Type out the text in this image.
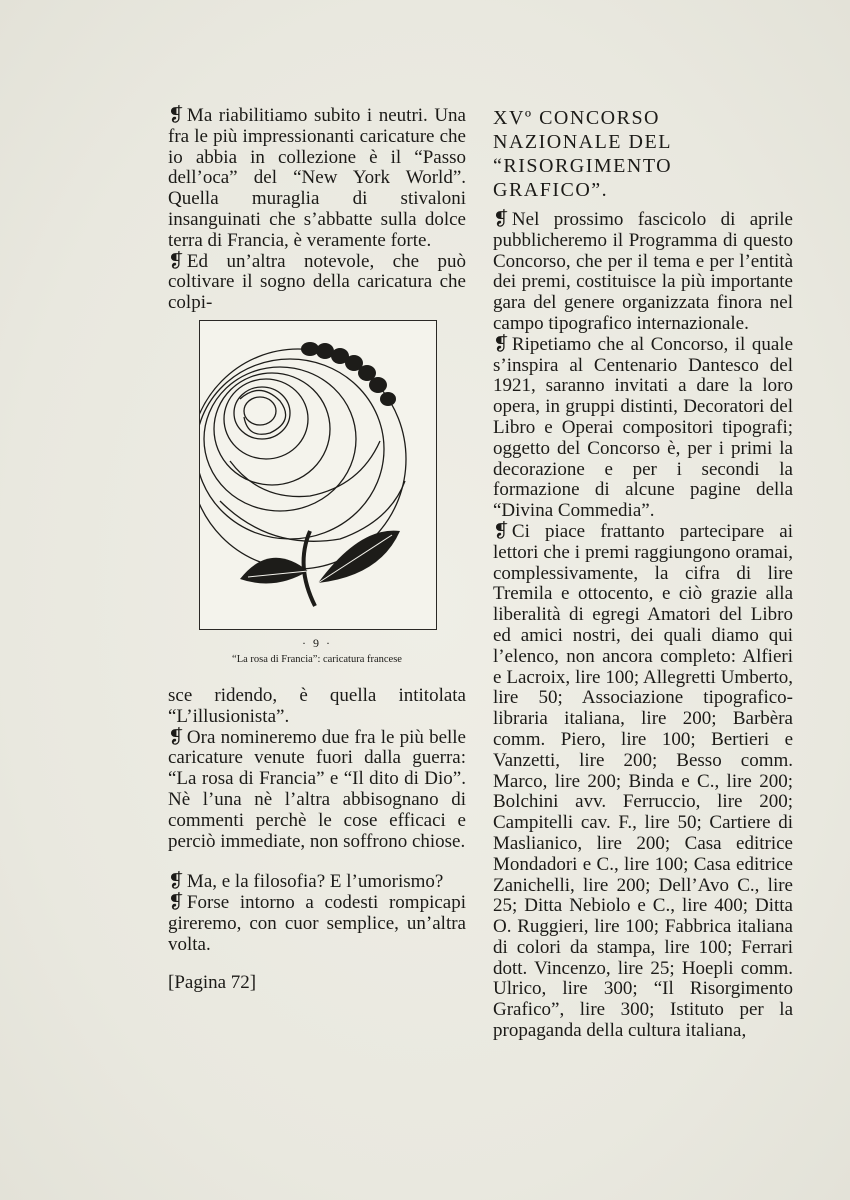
❡ Ma riabilitiamo subito i neutri. Una fra le più impressionanti caricature che io abbia in collezione è il “Passo dell’oca” del “New York World”. Quella muraglia di stivaloni insanguinati che s’abbatte sulla dolce terra di Francia, è veramente forte.

❡ Ed un’altra notevole, che può coltivare il sogno della caricatura che colpi-

· 9 ·
“La rosa di Francia”: caricatura francese

sce ridendo, è quella intitolata “L’illusionista”.

❡ Ora nomineremo due fra le più belle caricature venute fuori dalla guerra: “La rosa di Francia” e “Il dito di Dio”. Nè l’una nè l’altra abbisognano di commenti perchè le cose efficaci e perciò immediate, non soffrono chiose.

❡ Ma, e la filosofia? E l’umorismo?

❡ Forse intorno a codesti rompicapi gireremo, con cuor semplice, un’altra volta.

[Pagina 72]

XVº CONCORSO NAZIONALE DEL “RISORGIMENTO GRAFICO”.

❡ Nel prossimo fascicolo di aprile pubblicheremo il Programma di questo Concorso, che per il tema e per l’entità dei premi, costituisce la più importante gara del genere organizzata finora nel campo tipografico internazionale.

❡ Ripetiamo che al Concorso, il quale s’inspira al Centenario Dantesco del 1921, saranno invitati a dare la loro opera, in gruppi distinti, Decoratori del Libro e Operai compositori tipografi; oggetto del Concorso è, per i primi la decorazione e per i secondi la formazione di alcune pagine della “Divina Commedia”.

❡ Ci piace frattanto partecipare ai lettori che i premi raggiungono oramai, complessivamente, la cifra di lire Tremila e ottocento, e ciò grazie alla liberalità di egregi Amatori del Libro ed amici nostri, dei quali diamo qui l’elenco, non ancora completo: Alfieri e Lacroix, lire 100; Allegretti Umberto, lire 50; Associazione tipografico-libraria italiana, lire 200; Barbèra comm. Piero, lire 100; Bertieri e Vanzetti, lire 200; Besso comm. Marco, lire 200; Binda e C., lire 200; Bolchini avv. Ferruccio, lire 200; Campitelli cav. F., lire 50; Cartiere di Maslianico, lire 200; Casa editrice Mondadori e C., lire 100; Casa editrice Zanichelli, lire 200; Dell’Avo C., lire 25; Ditta Nebiolo e C., lire 400; Ditta O. Ruggieri, lire 100; Fabbrica italiana di colori da stampa, lire 100; Ferrari dott. Vincenzo, lire 25; Hoepli comm. Ulrico, lire 300; “Il Risorgimento Grafico”, lire 300; Istituto per la propaganda della cultura italiana,
